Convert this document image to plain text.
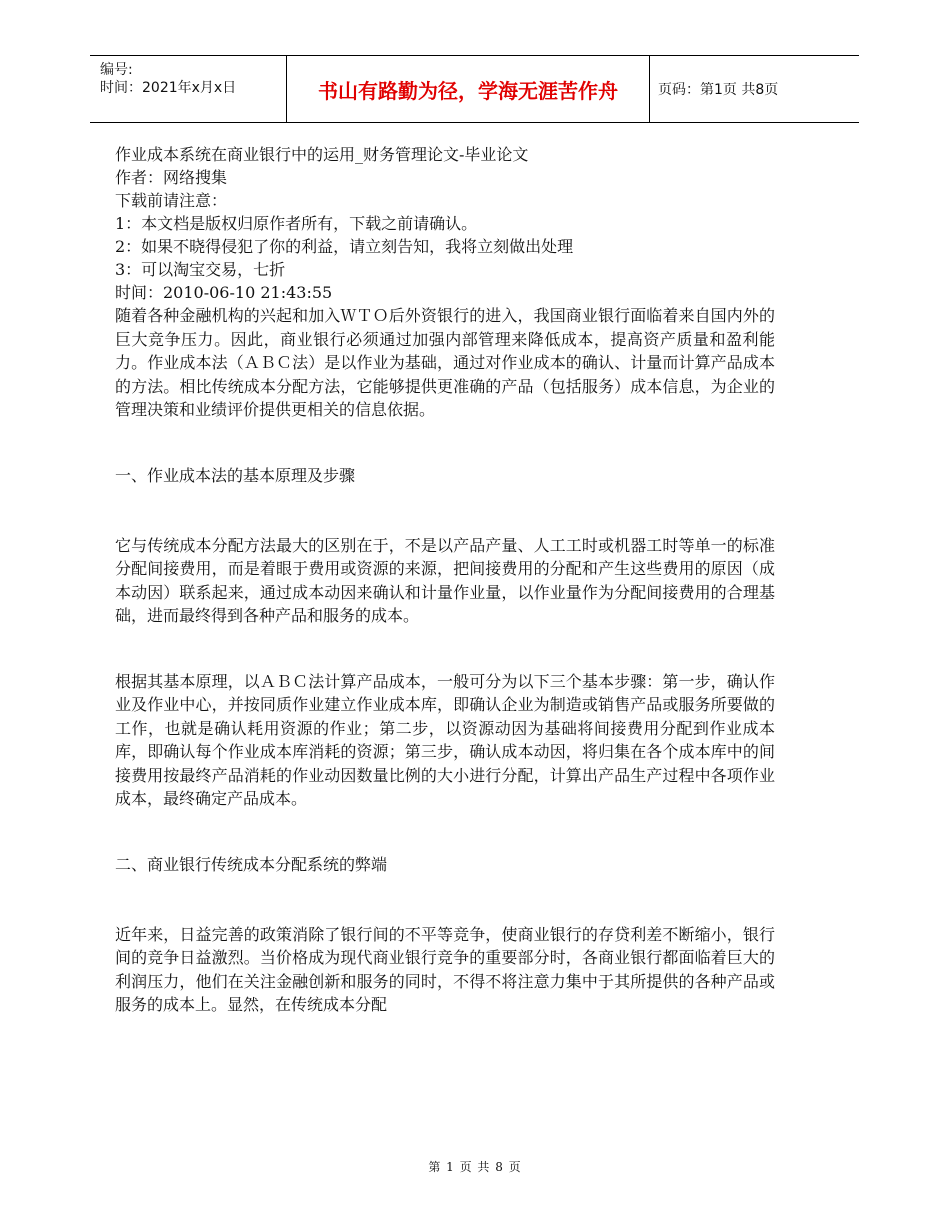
编号:
时间：2021年x月x日	书山有路勤为径，学海无涯苦作舟	页码：第1页 共8页
作业成本系统在商业银行中的运用_财务管理论文-毕业论文
作者：网络搜集
下载前请注意：
1：本文档是版权归原作者所有，下载之前请确认。
2：如果不晓得侵犯了你的利益，请立刻告知，我将立刻做出处理
3：可以淘宝交易，七折
时间：2010-06-10 21:43:55
随着各种金融机构的兴起和加入ＷＴＯ后外资银行的进入，我国商业银行面临着来自国内外的巨大竞争压力。因此，商业银行必须通过加强内部管理来降低成本，提高资产质量和盈利能力。作业成本法（ＡＢＣ法）是以作业为基础，通过对作业成本的确认、计量而计算产品成本的方法。相比传统成本分配方法，它能够提供更准确的产品（包括服务）成本信息，为企业的管理决策和业绩评价提供更相关的信息依据。
一、作业成本法的基本原理及步骤
它与传统成本分配方法最大的区别在于，不是以产品产量、人工工时或机器工时等单一的标准分配间接费用，而是着眼于费用或资源的来源，把间接费用的分配和产生这些费用的原因（成本动因）联系起来，通过成本动因来确认和计量作业量，以作业量作为分配间接费用的合理基础，进而最终得到各种产品和服务的成本。
根据其基本原理，以ＡＢＣ法计算产品成本，一般可分为以下三个基本步骤：第一步，确认作业及作业中心，并按同质作业建立作业成本库，即确认企业为制造或销售产品或服务所要做的工作，也就是确认耗用资源的作业；第二步，以资源动因为基础将间接费用分配到作业成本库，即确认每个作业成本库消耗的资源；第三步，确认成本动因，将归集在各个成本库中的间接费用按最终产品消耗的作业动因数量比例的大小进行分配，计算出产品生产过程中各项作业成本，最终确定产品成本。
二、商业银行传统成本分配系统的弊端
近年来，日益完善的政策消除了银行间的不平等竞争，使商业银行的存贷利差不断缩小，银行间的竞争日益激烈。当价格成为现代商业银行竞争的重要部分时，各商业银行都面临着巨大的利润压力，他们在关注金融创新和服务的同时，不得不将注意力集中于其所提供的各种产品或服务的成本上。显然，在传统成本分配
第 1 页 共 8 页
